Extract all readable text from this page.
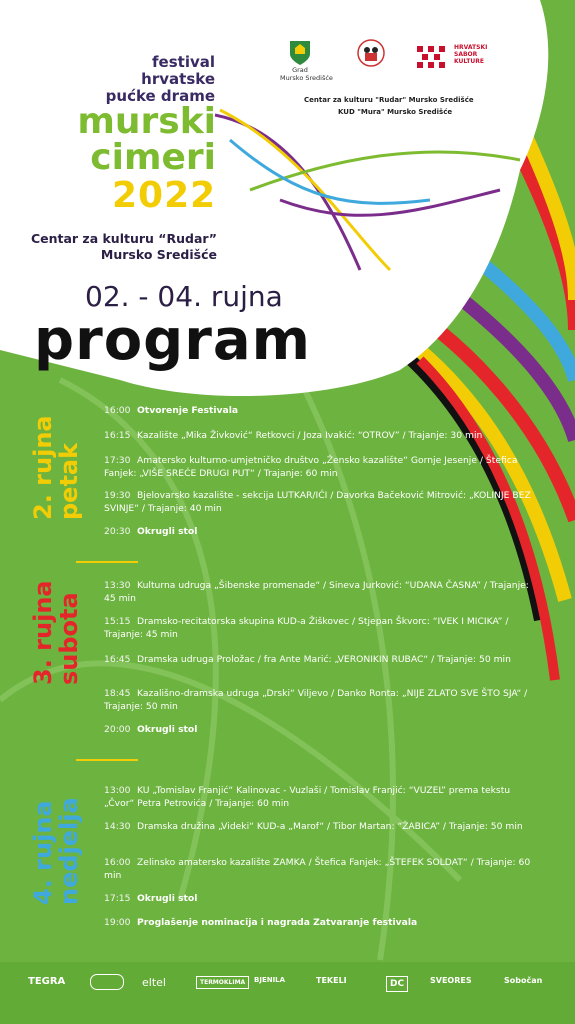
festival
hrvatske
pućke drame
murski
cimeri
2022
Centar za kulturu “Rudar”
Mursko Središće
02. - 04. rujna
program
Grad
Mursko Središće
HRVATSKI
SABOR
KULTURE
Centar za kulturu "Rudar" Mursko Središće
KUD "Mura" Mursko Središće
2. rujna
petak
3. rujna
subota
4. rujna
nedjelja
16:00 Otvorenje Festivala
16:15 Kazalište „Mika Živković“ Retkovci / Joza Ivakić: “OTROV” / Trajanje: 30 min
17:30 Amatersko kulturno-umjetničko društvo „Žensko kazalište“ Gornje Jesenje / Štefica Fanjek: „VIŠE SREĆE DRUGI PUT“ / Trajanje: 60 min
19:30 Bjelovarsko kazalište - sekcija LUTKAR/IĆI / Davorka Bačeković Mitrović: „KOLINJE BEZ SVINJE“ / Trajanje: 40 min
20:30 Okrugli stol
13:30 Kulturna udruga „Šibenske promenade“ / Sineva Jurković: “UDANA ČASNA” / Trajanje: 45 min
15:15 Dramsko-recitatorska skupina KUD-a Žiškovec / Stjepan Škvorc: “IVEK I MICIKA” / Trajanje: 45 min
16:45 Dramska udruga Proložac / fra Ante Marić: „VERONIKIN RUBAC“ / Trajanje: 50 min
18:45 Kazališno-dramska udruga „Drski“ Viljevo / Danko Ronta: „NIJE ZLATO SVE ŠTO SJA“ / Trajanje: 50 min
20:00 Okrugli stol
13:00 KU „Tomislav Franjić“ Kalinovac - Vuzlaši / Tomislav Franjić: “VUZEL” prema tekstu „Čvor“ Petra Petrovića / Trajanje: 60 min
14:30 Dramska družina „Videki“ KUD-a „Marof“ / Tibor Martan: “ŽABICA” / Trajanje: 50 min
16:00 Zelinsko amatersko kazalište ZAMKA / Štefica Fanjek: „ŠTEFEK SOLDAT“ / Trajanje: 60 min
17:15 Okrugli stol
19:00 Proglašenje nominacija i nagrada Zatvaranje festivala
TEGRA	eltel	TERMOKLIMA	BJENILA	TEKELI	DC	SVEORES	Sobočan
